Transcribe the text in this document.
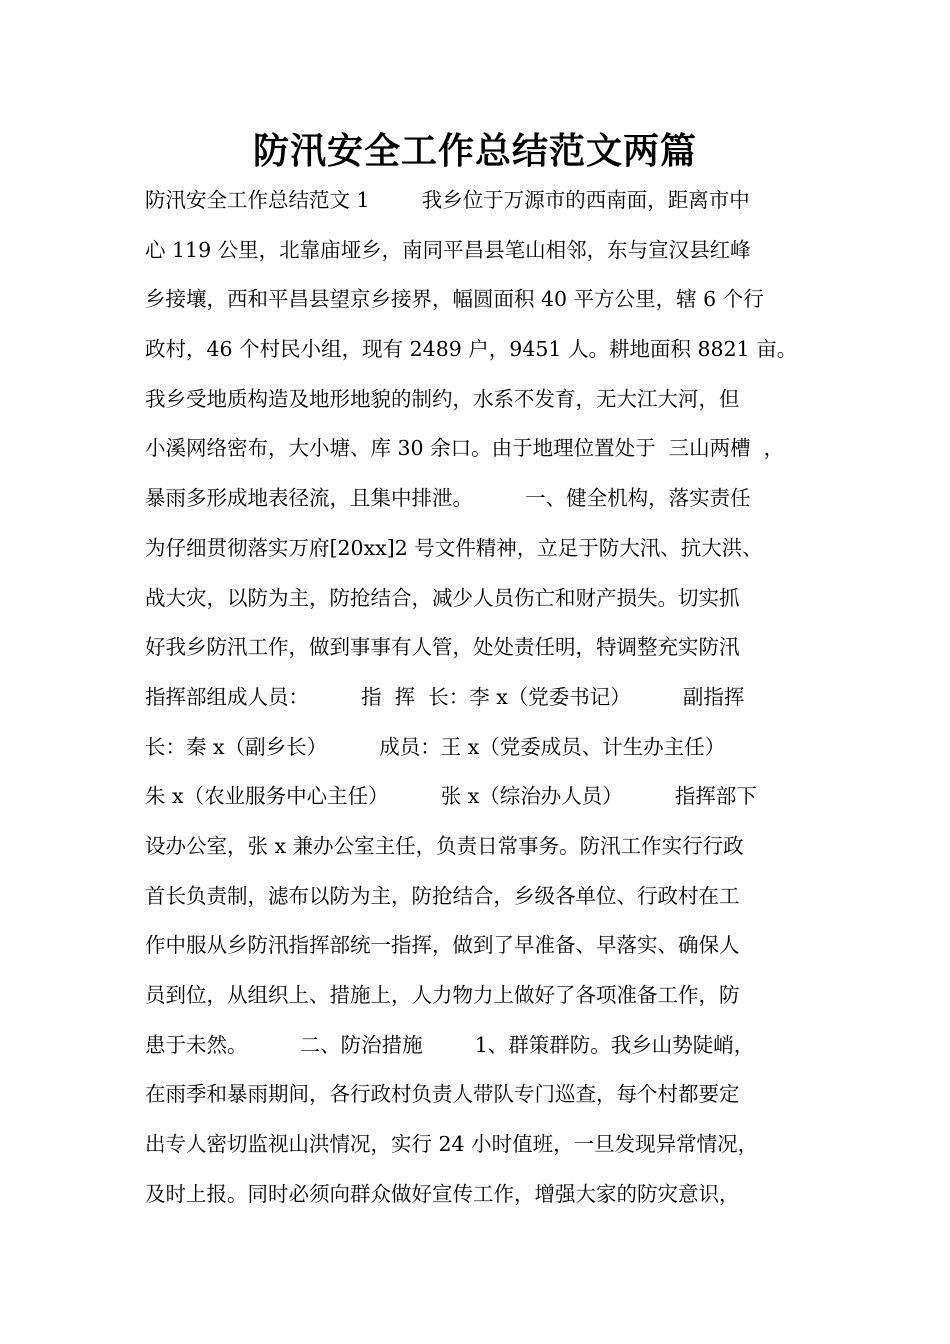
防汛安全工作总结范文两篇
防汛安全工作总结范文 1        我乡位于万源市的西南面，距离市中
心 119 公里，北靠庙垭乡，南同平昌县笔山相邻，东与宣汉县红峰
乡接壤，西和平昌县望京乡接界，幅圆面积 40 平方公里，辖 6 个行
政村，46 个村民小组，现有 2489 户，9451 人。耕地面积 8821 亩。
我乡受地质构造及地形地貌的制约，水系不发育，无大江大河，但
小溪网络密布，大小塘、库 30 余口。由于地理位置处于  三山两槽  ，
暴雨多形成地表径流，且集中排泄。        一、健全机构，落实责任
为仔细贯彻落实万府[20xx]2 号文件精神，立足于防大汛、抗大洪、
战大灾，以防为主，防抢结合，减少人员伤亡和财产损失。切实抓
好我乡防汛工作，做到事事有人管，处处责任明，特调整充实防汛
指挥部组成人员：        指  挥  长：李 x（党委书记）        副指挥
长：秦 x（副乡长）        成员：王 x（党委成员、计生办主任）
朱 x（农业服务中心主任）        张 x（综治办人员）        指挥部下
设办公室，张 x 兼办公室主任，负责日常事务。防汛工作实行行政
首长负责制，滤布以防为主，防抢结合，乡级各单位、行政村在工
作中服从乡防汛指挥部统一指挥，做到了早准备、早落实、确保人
员到位，从组织上、措施上，人力物力上做好了各项准备工作，防
患于未然。        二、防治措施        1、群策群防。我乡山势陡峭，
在雨季和暴雨期间，各行政村负责人带队专门巡查，每个村都要定
出专人密切监视山洪情况，实行 24 小时值班，一旦发现异常情况，
及时上报。同时必须向群众做好宣传工作，增强大家的防灾意识，
